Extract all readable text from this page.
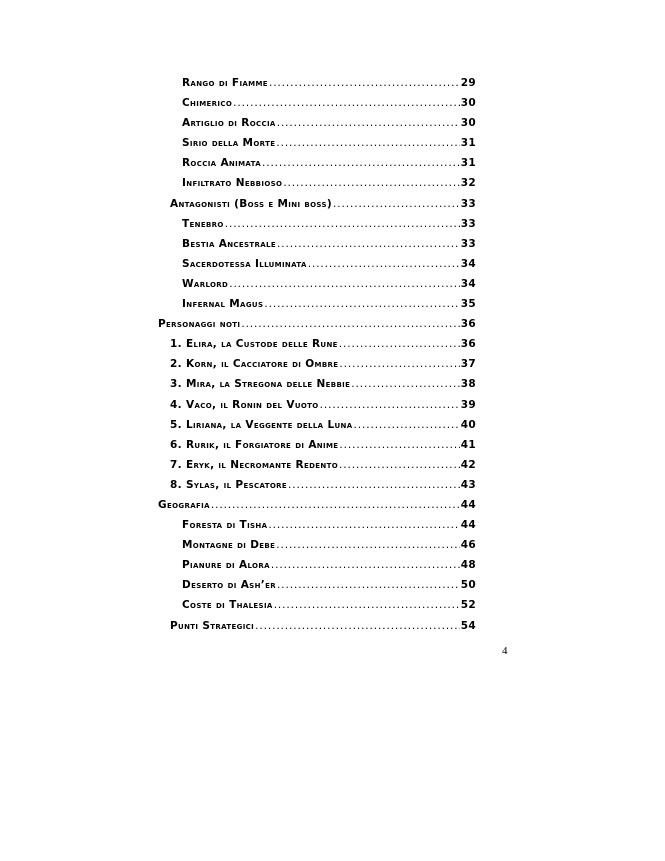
Rango di Fiamme .....	29
Chimerico .....	30
Artiglio di Roccia .....	30
Sirio della Morte .....	31
Roccia Animata .....	31
Infiltrato Nebbioso .....	32
Antagonisti (Boss e Mini boss) .....	33
Tenebro .....	33
Bestia Ancestrale .....	33
Sacerdotessa Illuminata .....	34
Warlord .....	34
Infernal Magus .....	35
Personaggi noti .....	36
1. Elira, la Custode delle Rune .....	36
2. Korn, il Cacciatore di Ombre .....	37
3. Mira, la Stregona delle Nebbie .....	38
4. Vaco, il Ronin del Vuoto .....	39
5. Liriana, la Veggente della Luna .....	40
6. Rurik, il Forgiatore di Anime .....	41
7. Eryk, il Necromante Redento .....	42
8. Sylas, il Pescatore .....	43
Geografia .....	44
Foresta di Tisha .....	44
Montagne di Debe .....	46
Pianure di Alora .....	48
Deserto di Ash’er .....	50
Coste di Thalesia .....	52
Punti Strategici .....	54
4
